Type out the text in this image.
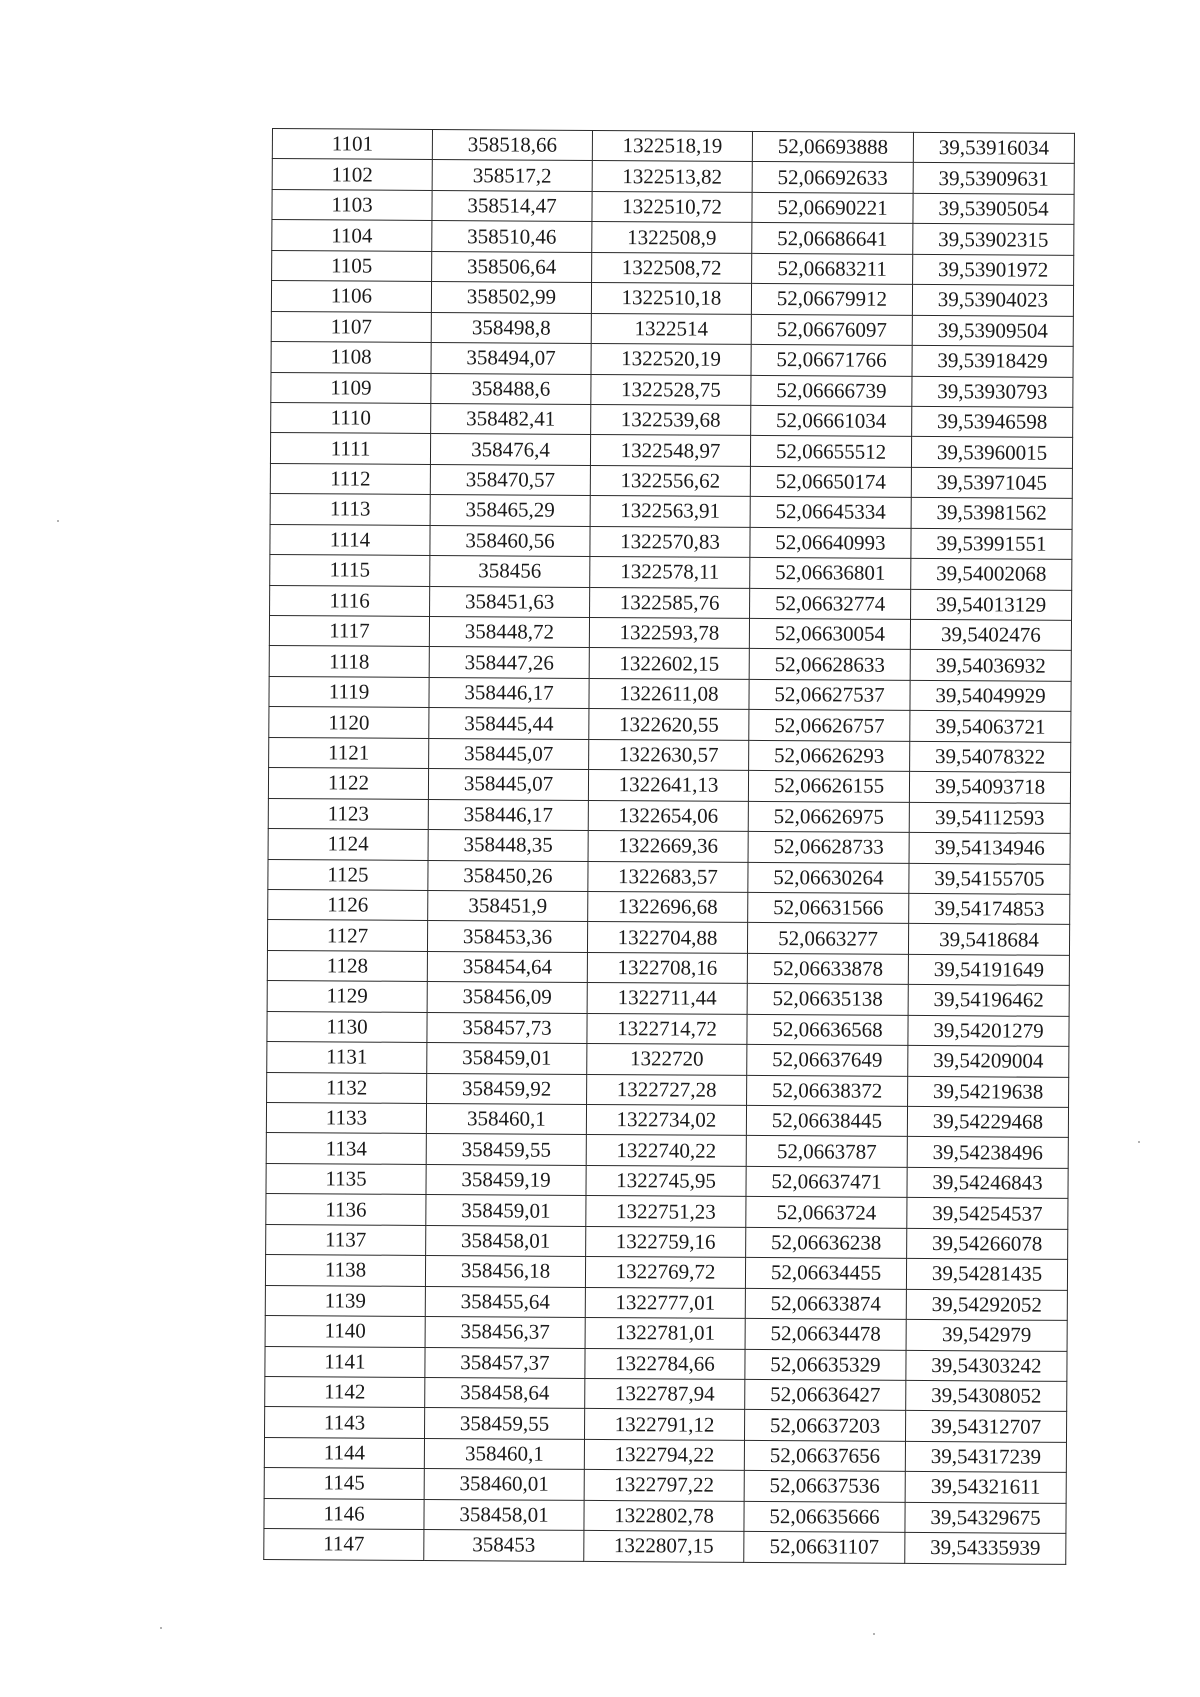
1101	358518,66	1322518,19	52,06693888	39,53916034
1102	358517,2	1322513,82	52,06692633	39,53909631
1103	358514,47	1322510,72	52,06690221	39,53905054
1104	358510,46	1322508,9	52,06686641	39,53902315
1105	358506,64	1322508,72	52,06683211	39,53901972
1106	358502,99	1322510,18	52,06679912	39,53904023
1107	358498,8	1322514	52,06676097	39,53909504
1108	358494,07	1322520,19	52,06671766	39,53918429
1109	358488,6	1322528,75	52,06666739	39,53930793
1110	358482,41	1322539,68	52,06661034	39,53946598
1111	358476,4	1322548,97	52,06655512	39,53960015
1112	358470,57	1322556,62	52,06650174	39,53971045
1113	358465,29	1322563,91	52,06645334	39,53981562
1114	358460,56	1322570,83	52,06640993	39,53991551
1115	358456	1322578,11	52,06636801	39,54002068
1116	358451,63	1322585,76	52,06632774	39,54013129
1117	358448,72	1322593,78	52,06630054	39,5402476
1118	358447,26	1322602,15	52,06628633	39,54036932
1119	358446,17	1322611,08	52,06627537	39,54049929
1120	358445,44	1322620,55	52,06626757	39,54063721
1121	358445,07	1322630,57	52,06626293	39,54078322
1122	358445,07	1322641,13	52,06626155	39,54093718
1123	358446,17	1322654,06	52,06626975	39,54112593
1124	358448,35	1322669,36	52,06628733	39,54134946
1125	358450,26	1322683,57	52,06630264	39,54155705
1126	358451,9	1322696,68	52,06631566	39,54174853
1127	358453,36	1322704,88	52,0663277	39,5418684
1128	358454,64	1322708,16	52,06633878	39,54191649
1129	358456,09	1322711,44	52,06635138	39,54196462
1130	358457,73	1322714,72	52,06636568	39,54201279
1131	358459,01	1322720	52,06637649	39,54209004
1132	358459,92	1322727,28	52,06638372	39,54219638
1133	358460,1	1322734,02	52,06638445	39,54229468
1134	358459,55	1322740,22	52,0663787	39,54238496
1135	358459,19	1322745,95	52,06637471	39,54246843
1136	358459,01	1322751,23	52,0663724	39,54254537
1137	358458,01	1322759,16	52,06636238	39,54266078
1138	358456,18	1322769,72	52,06634455	39,54281435
1139	358455,64	1322777,01	52,06633874	39,54292052
1140	358456,37	1322781,01	52,06634478	39,542979
1141	358457,37	1322784,66	52,06635329	39,54303242
1142	358458,64	1322787,94	52,06636427	39,54308052
1143	358459,55	1322791,12	52,06637203	39,54312707
1144	358460,1	1322794,22	52,06637656	39,54317239
1145	358460,01	1322797,22	52,06637536	39,54321611
1146	358458,01	1322802,78	52,06635666	39,54329675
1147	358453	1322807,15	52,06631107	39,54335939
